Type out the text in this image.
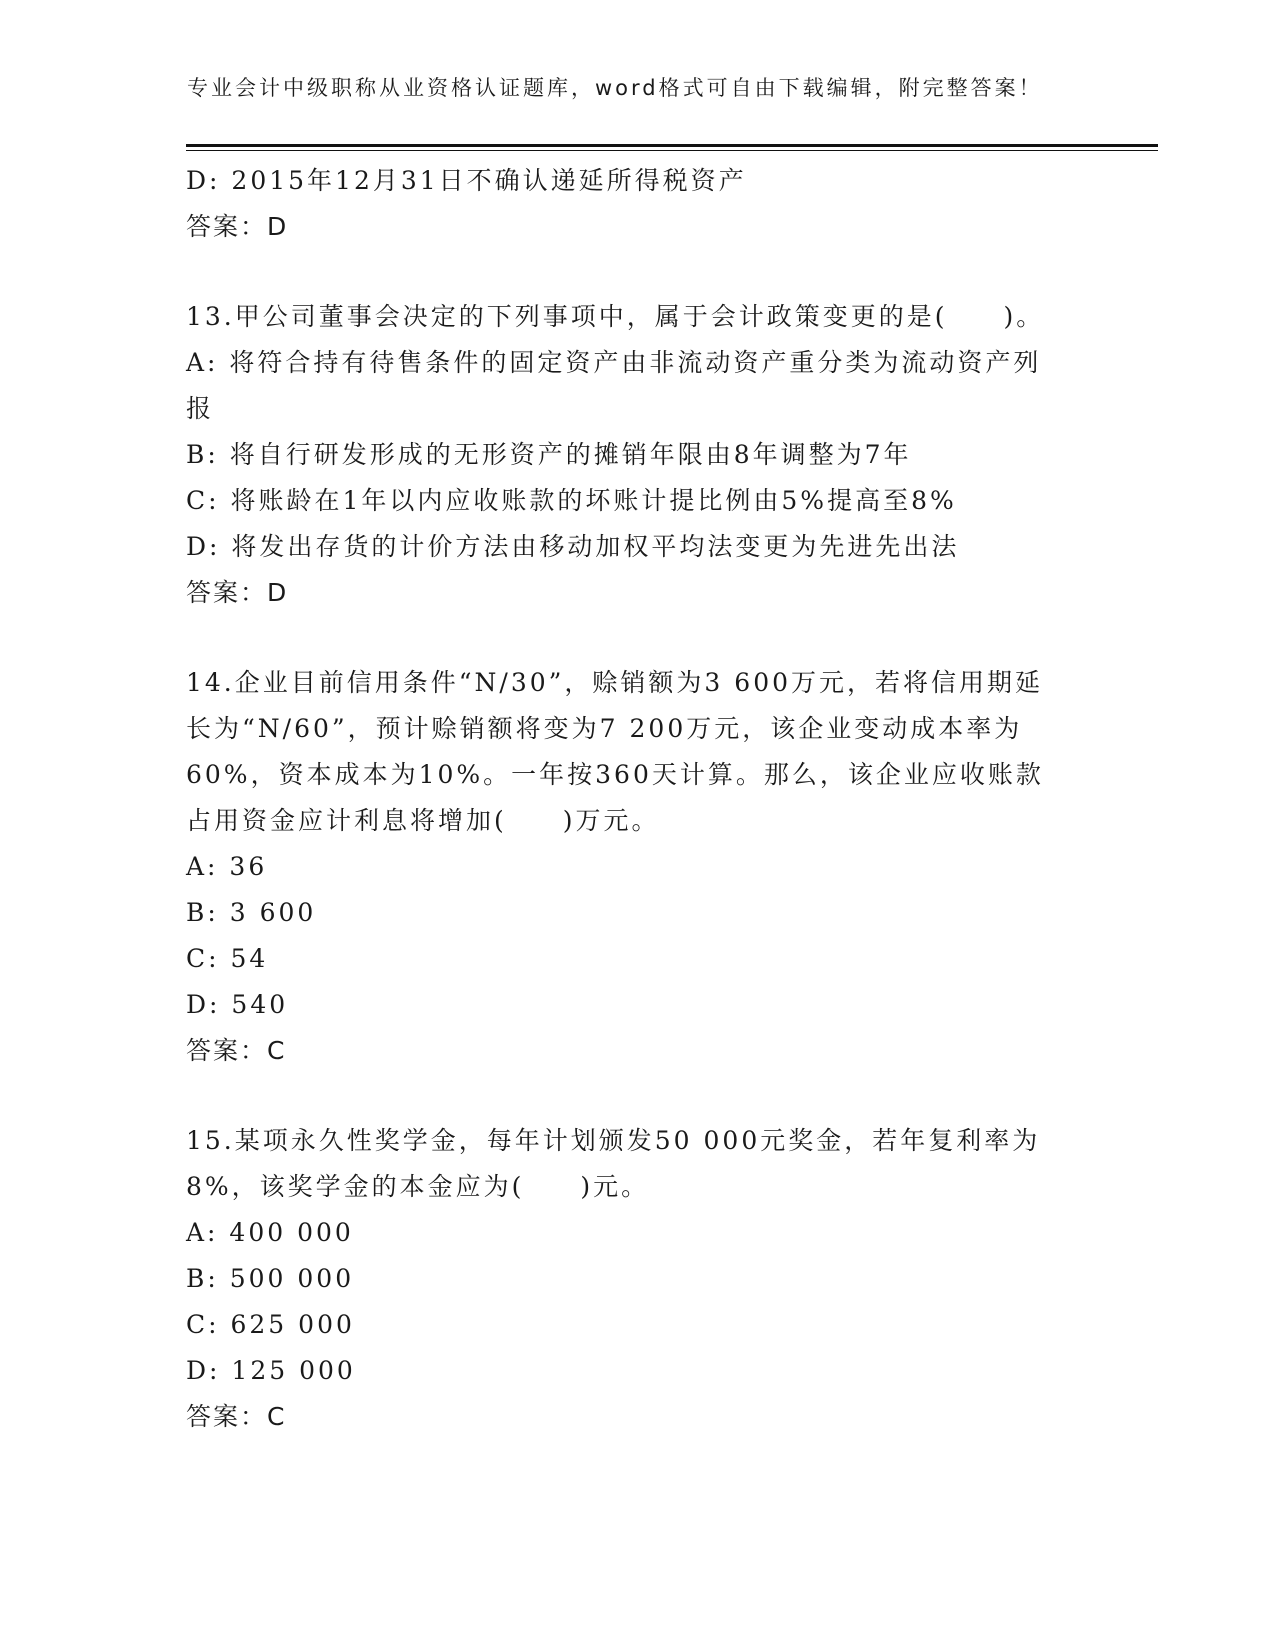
专业会计中级职称从业资格认证题库，word格式可自由下载编辑，附完整答案！
D: 2015年12月31日不确认递延所得税资产
答案：D
13.甲公司董事会决定的下列事项中，属于会计政策变更的是(　　)。
A: 将符合持有待售条件的固定资产由非流动资产重分类为流动资产列
报
B: 将自行研发形成的无形资产的摊销年限由8年调整为7年
C: 将账龄在1年以内应收账款的坏账计提比例由5%提高至8%
D: 将发出存货的计价方法由移动加权平均法变更为先进先出法
答案：D
14.企业目前信用条件“N/30”，赊销额为3 600万元，若将信用期延
长为“N/60”，预计赊销额将变为7 200万元，该企业变动成本率为
60%，资本成本为10%。一年按360天计算。那么，该企业应收账款
占用资金应计利息将增加(　　)万元。
A: 36
B: 3 600
C: 54
D: 540
答案：C
15.某项永久性奖学金，每年计划颁发50 000元奖金，若年复利率为
8%，该奖学金的本金应为(　　)元。
A: 400 000
B: 500 000
C: 625 000
D: 125 000
答案：C
